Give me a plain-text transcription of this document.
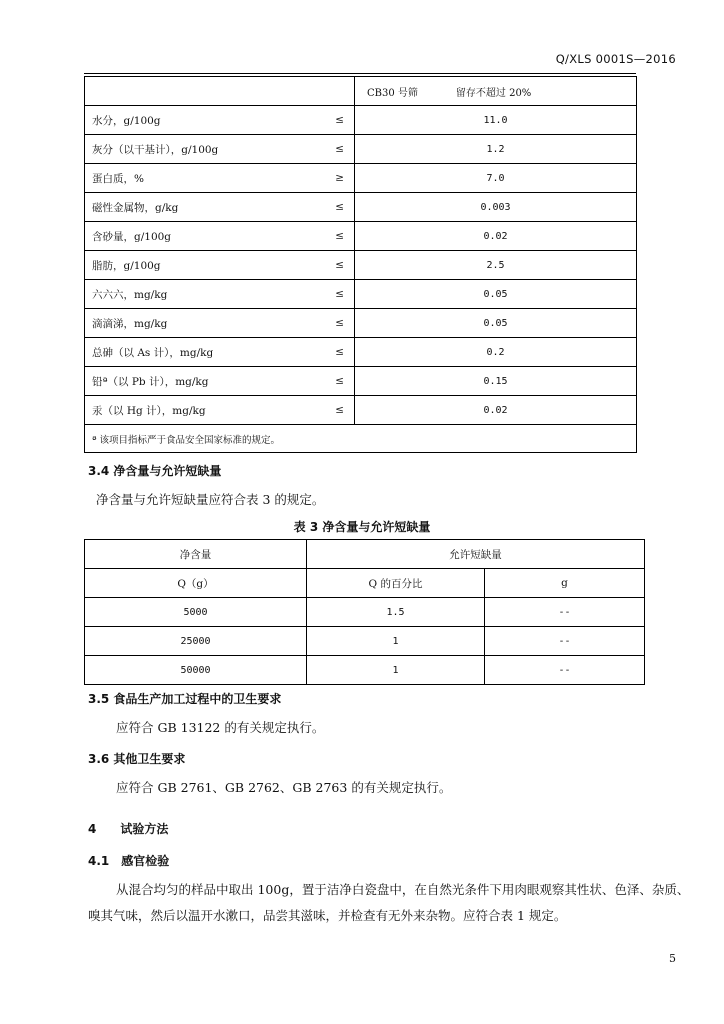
Q/XLS 0001S—2016
		CB30 号筛 留存不超过 20%
水分，g/100g	≤	11.0
灰分（以干基计），g/100g	≤	1.2
蛋白质，%	≥	7.0
磁性金属物，g/kg	≤	0.003
含砂量，g/100g	≤	0.02
脂肪，g/100g	≤	2.5
六六六，mg/kg	≤	0.05
滴滴涕，mg/kg	≤	0.05
总砷（以 As 计），mg/kg	≤	0.2
铅ª（以 Pb 计），mg/kg	≤	0.15
汞（以 Hg 计），mg/kg	≤	0.02
ª 该项目指标严于食品安全国家标准的规定。		
3.4 净含量与允许短缺量
净含量与允许短缺量应符合表 3 的规定。
表 3 净含量与允许短缺量
净含量	允许短缺量	
Q（g）	Q 的百分比	g
5000	1.5	--
25000	1	--
50000	1	--
3.5 食品生产加工过程中的卫生要求
应符合 GB 13122 的有关规定执行。
3.6 其他卫生要求
应符合 GB 2761、GB 2762、GB 2763 的有关规定执行。
4　　试验方法
4.1　感官检验
从混合均匀的样品中取出 100g，置于洁净白瓷盘中，在自然光条件下用肉眼观察其性状、色泽、杂质、
嗅其气味，然后以温开水漱口，品尝其滋味，并检查有无外来杂物。应符合表 1 规定。
5
